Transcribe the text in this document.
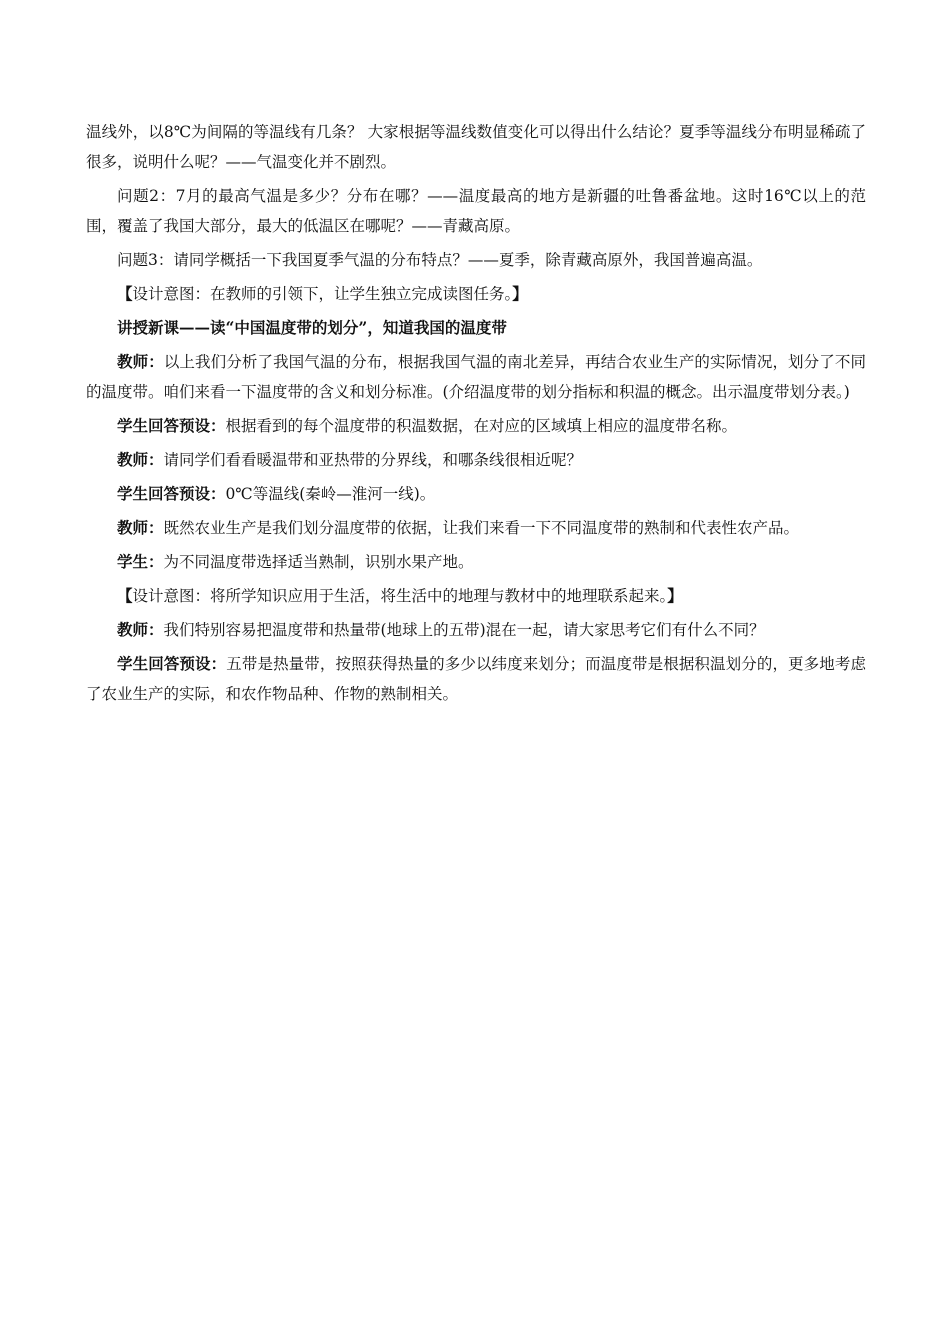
温线外，以8℃为间隔的等温线有几条？ 大家根据等温线数值变化可以得出什么结论？夏季等温线分布明显稀疏了很多，说明什么呢？——气温变化并不剧烈。

问题2：7月的最高气温是多少？分布在哪？——温度最高的地方是新疆的吐鲁番盆地。这时16℃以上的范围，覆盖了我国大部分，最大的低温区在哪呢？——青藏高原。

问题3：请同学概括一下我国夏季气温的分布特点？——夏季，除青藏高原外，我国普遍高温。

【设计意图：在教师的引领下，让学生独立完成读图任务。】

讲授新课——读“中国温度带的划分”，知道我国的温度带

教师：以上我们分析了我国气温的分布，根据我国气温的南北差异，再结合农业生产的实际情况，划分了不同的温度带。咱们来看一下温度带的含义和划分标准。(介绍温度带的划分指标和积温的概念。出示温度带划分表。)

学生回答预设：根据看到的每个温度带的积温数据，在对应的区域填上相应的温度带名称。

教师：请同学们看看暖温带和亚热带的分界线，和哪条线很相近呢？

学生回答预设：0℃等温线(秦岭—淮河一线)。

教师：既然农业生产是我们划分温度带的依据，让我们来看一下不同温度带的熟制和代表性农产品。

学生：为不同温度带选择适当熟制，识别水果产地。

【设计意图：将所学知识应用于生活，将生活中的地理与教材中的地理联系起来。】

教师：我们特别容易把温度带和热量带(地球上的五带)混在一起，请大家思考它们有什么不同？

学生回答预设：五带是热量带，按照获得热量的多少以纬度来划分；而温度带是根据积温划分的，更多地考虑了农业生产的实际，和农作物品种、作物的熟制相关。
